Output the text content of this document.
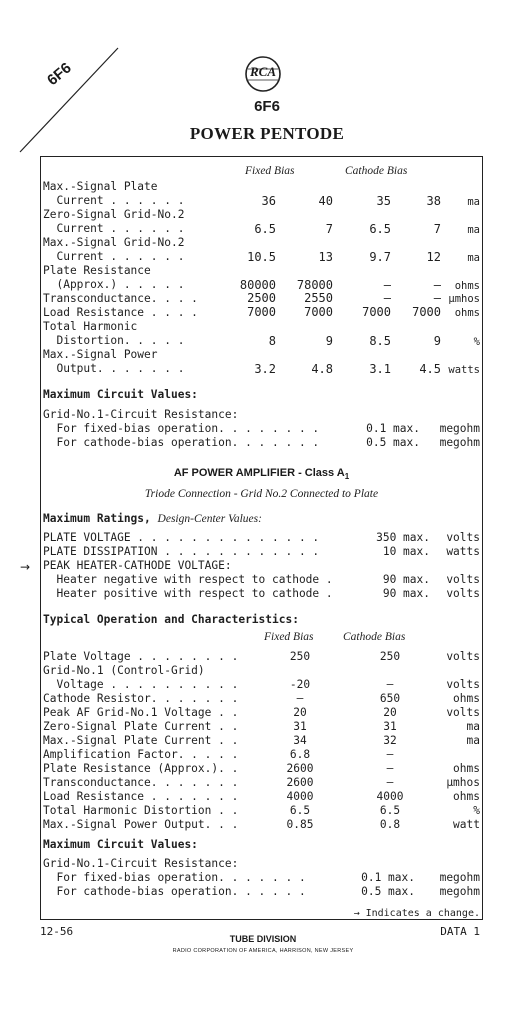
6F6	RCA
6F6
POWER PENTODE
Fixed Bias	Cathode Bias
Max.-Signal Plate
Current . . . . . .	36	40	35	38	ma
Zero-Signal Grid-No.2
Current . . . . . .	6.5	7	6.5	7	ma
Max.-Signal Grid-No.2
Current . . . . . .	10.5	13	9.7	12	ma
Plate Resistance
(Approx.) . . . . .	80000	78000	–	–	ohms
Transconductance. . . .	2500	2550	–	– µmhos
Load Resistance . . . .	7000	7000	7000	7000	ohms
Total Harmonic
Distortion. . . . .	8	9	8.5	9	%
Max.-Signal Power
Output. . . . . . .	3.2	4.8	3.1	4.5 watts
Maximum Circuit Values:
Grid-No.1-Circuit Resistance:
For fixed-bias operation. . . . . . . .	0.1 max.	megohm
For cathode-bias operation. . . . . . .	0.5 max.	megohm
AF POWER AMPLIFIER - Class $A_1$
Triode Connection - Grid No.2 Connected to Plate
Maximum Ratings, Design-Center Values:
→
PLATE VOLTAGE . . . . . . . . . . . . . .	350 max.	volts
PLATE DISSIPATION . . . . . . . . . . . .	10 max.	watts
PEAK HEATER-CATHODE VOLTAGE:
Heater negative with respect to cathode .	90 max.	volts
Heater positive with respect to cathode .	90 max.	volts
Typical Operation and Characteristics:
Fixed Bias	Cathode Bias
Plate Voltage . . . . . . . .	250	250	volts
Grid-No.1 (Control-Grid)
Voltage . . . . . . . . . .	-20	–	volts
Cathode Resistor. . . . . . .	–	650	ohms
Peak AF Grid-No.1 Voltage . .	20	20	volts
Zero-Signal Plate Current . .	31	31	ma
Max.-Signal Plate Current . .	34	32	ma
Amplification Factor. . . . .	6.8	–
Plate Resistance (Approx.). .	2600	–	ohms
Transconductance. . . . . . .	2600	–	µmhos
Load Resistance . . . . . . .	4000	4000	ohms
Total Harmonic Distortion . .	6.5	6.5	%
Max.-Signal Power Output. . .	0.85	0.8	watt
Maximum Circuit Values:
Grid-No.1-Circuit Resistance:
For fixed-bias operation. . . . . . .	0.1 max.	megohm
For cathode-bias operation. . . . . .	0.5 max.	megohm
→ Indicates a change.
12-56	DATA 1
TUBE DIVISION
RADIO CORPORATION OF AMERICA, HARRISON, NEW JERSEY
